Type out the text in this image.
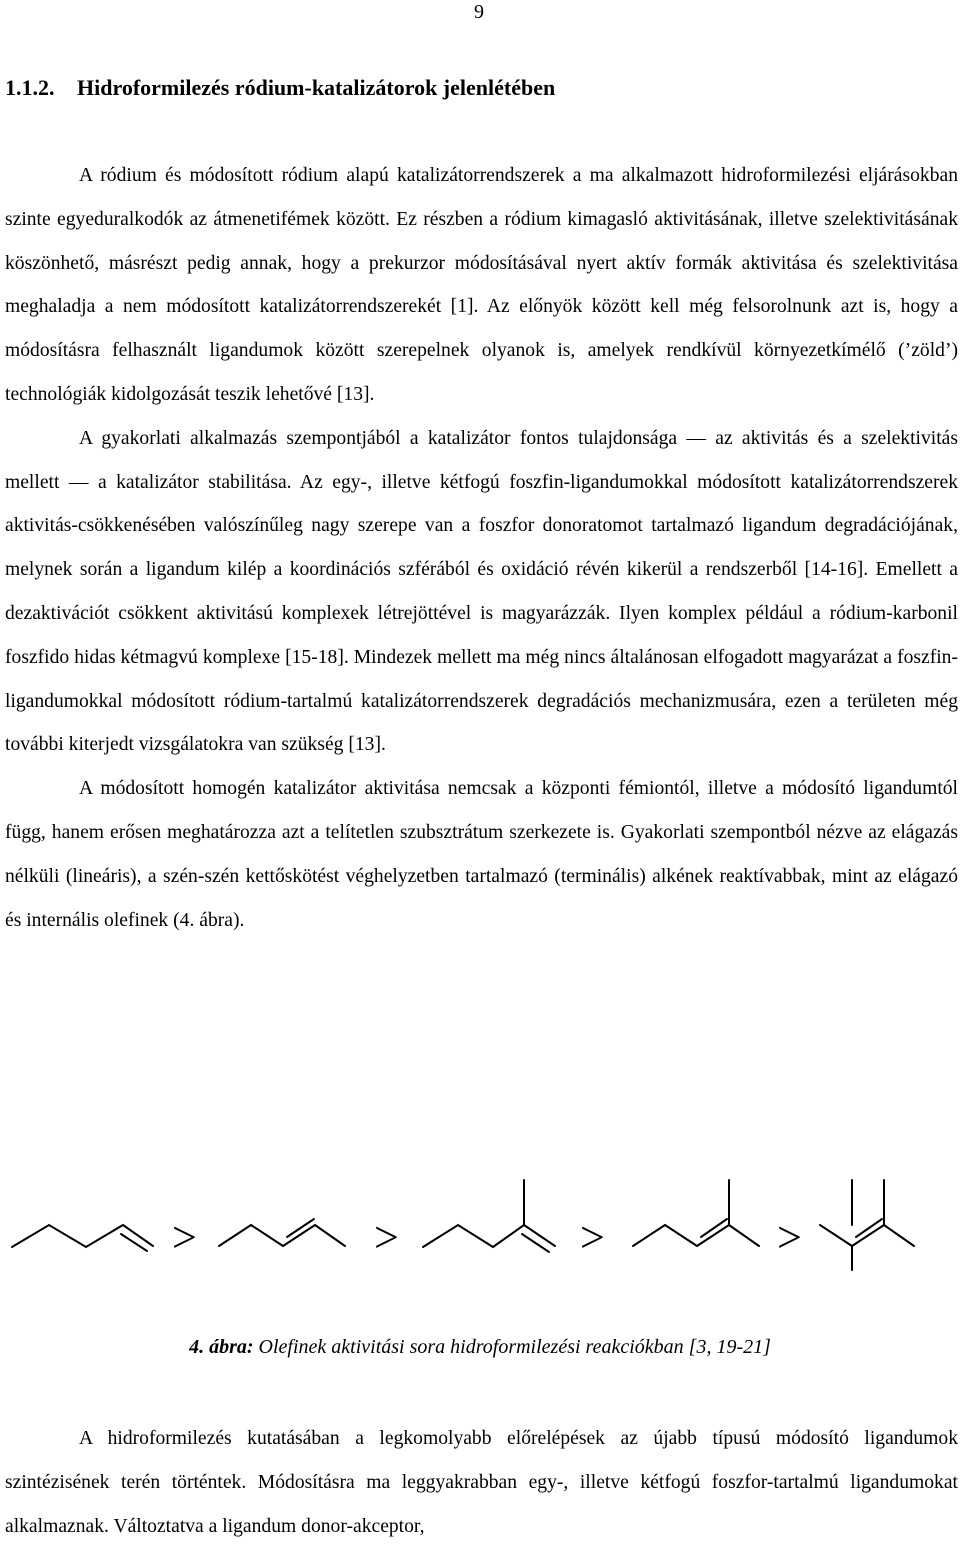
9
1.1.2. Hidroformilezés ródium-katalizátorok jelenlétében

A ródium és módosított ródium alapú katalizátorrendszerek a ma alkalmazott hidroformilezési eljárásokban szinte egyeduralkodók az átmenetifémek között. Ez részben a ródium kimagasló aktivitásának, illetve szelektivitásának köszönhető, másrészt pedig annak, hogy a prekurzor módosításával nyert aktív formák aktivitása és szelektivitása meghaladja a nem módosított katalizátorrendszerekét [1]. Az előnyök között kell még felsorolnunk azt is, hogy a módosításra felhasznált ligandumok között szerepelnek olyanok is, amelyek rendkívül környezetkímélő (’zöld’) technológiák kidolgozását teszik lehetővé [13].

A gyakorlati alkalmazás szempontjából a katalizátor fontos tulajdonsága ― az aktivitás és a szelektivitás mellett ― a katalizátor stabilitása. Az egy-, illetve kétfogú foszfin-ligandumokkal módosított katalizátorrendszerek aktivitás-csökkenésében valószínűleg nagy szerepe van a foszfor donoratomot tartalmazó ligandum degradációjának, melynek során a ligandum kilép a koordinációs szférából és oxidáció révén kikerül a rendszerből [14-16]. Emellett a dezaktivációt csökkent aktivitású komplexek létrejöttével is magyarázzák. Ilyen komplex például a ródium-karbonil foszfido hidas kétmagvú komplexe [15-18]. Mindezek mellett ma még nincs általánosan elfogadott magyarázat a foszfin-ligandumokkal módosított ródium-tartalmú katalizátorrendszerek degradációs mechanizmusára, ezen a területen még további kiterjedt vizsgálatokra van szükség [13].

A módosított homogén katalizátor aktivitása nemcsak a központi fémiontól, illetve a módosító ligandumtól függ, hanem erősen meghatározza azt a telítetlen szubsztrátum szerkezete is. Gyakorlati szempontból nézve az elágazás nélküli (lineáris), a szén-szén kettőskötést véghelyzetben tartalmazó (terminális) alkének reaktívabbak, mint az elágazó és internális olefinek (4. ábra).

>	>	>	>
4. ábra: Olefinek aktivitási sora hidroformilezési reakciókban [3, 19-21]

A hidroformilezés kutatásában a legkomolyabb előrelépések az újabb típusú módosító ligandumok szintézisének terén történtek. Módosításra ma leggyakrabban egy-, illetve kétfogú foszfor-tartalmú ligandumokat alkalmaznak. Változtatva a ligandum donor-akceptor,
